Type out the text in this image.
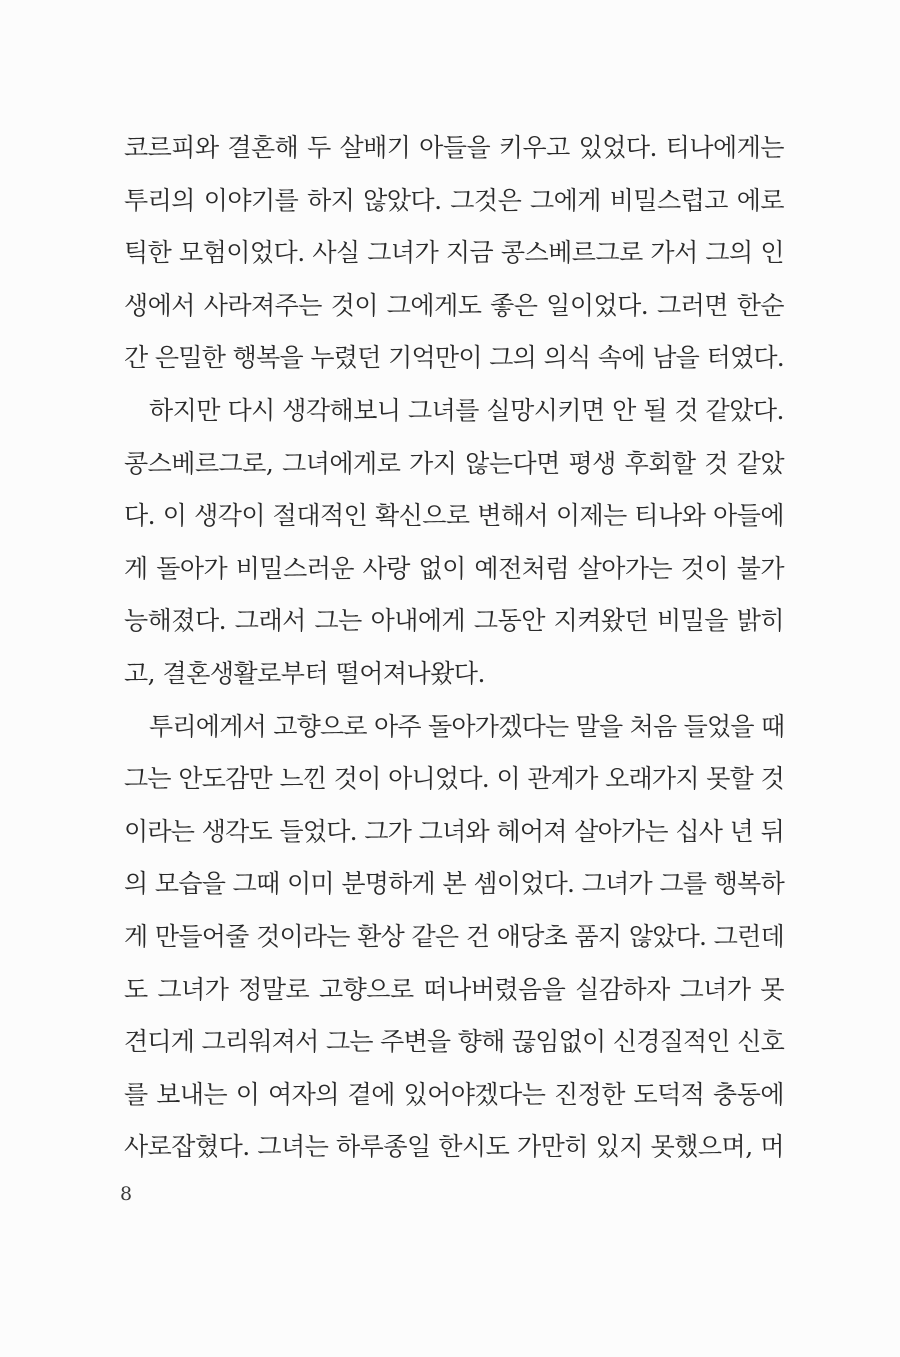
코르피와 결혼해 두 살배기 아들을 키우고 있었다. 티나에게는
투리의 이야기를 하지 않았다. 그것은 그에게 비밀스럽고 에로
틱한 모험이었다. 사실 그녀가 지금 콩스베르그로 가서 그의 인
생에서 사라져주는 것이 그에게도 좋은 일이었다. 그러면 한순
간 은밀한 행복을 누렸던 기억만이 그의 의식 속에 남을 터였다.
하지만 다시 생각해보니 그녀를 실망시키면 안 될 것 같았다.
콩스베르그로, 그녀에게로 가지 않는다면 평생 후회할 것 같았
다. 이 생각이 절대적인 확신으로 변해서 이제는 티나와 아들에
게 돌아가 비밀스러운 사랑 없이 예전처럼 살아가는 것이 불가
능해졌다. 그래서 그는 아내에게 그동안 지켜왔던 비밀을 밝히
고, 결혼생활로부터 떨어져나왔다.
투리에게서 고향으로 아주 돌아가겠다는 말을 처음 들었을 때
그는 안도감만 느낀 것이 아니었다. 이 관계가 오래가지 못할 것
이라는 생각도 들었다. 그가 그녀와 헤어져 살아가는 십사 년 뒤
의 모습을 그때 이미 분명하게 본 셈이었다. 그녀가 그를 행복하
게 만들어줄 것이라는 환상 같은 건 애당초 품지 않았다. 그런데
도 그녀가 정말로 고향으로 떠나버렸음을 실감하자 그녀가 못
견디게 그리워져서 그는 주변을 향해 끊임없이 신경질적인 신호
를 보내는 이 여자의 곁에 있어야겠다는 진정한 도덕적 충동에
사로잡혔다. 그녀는 하루종일 한시도 가만히 있지 못했으며, 머
8
